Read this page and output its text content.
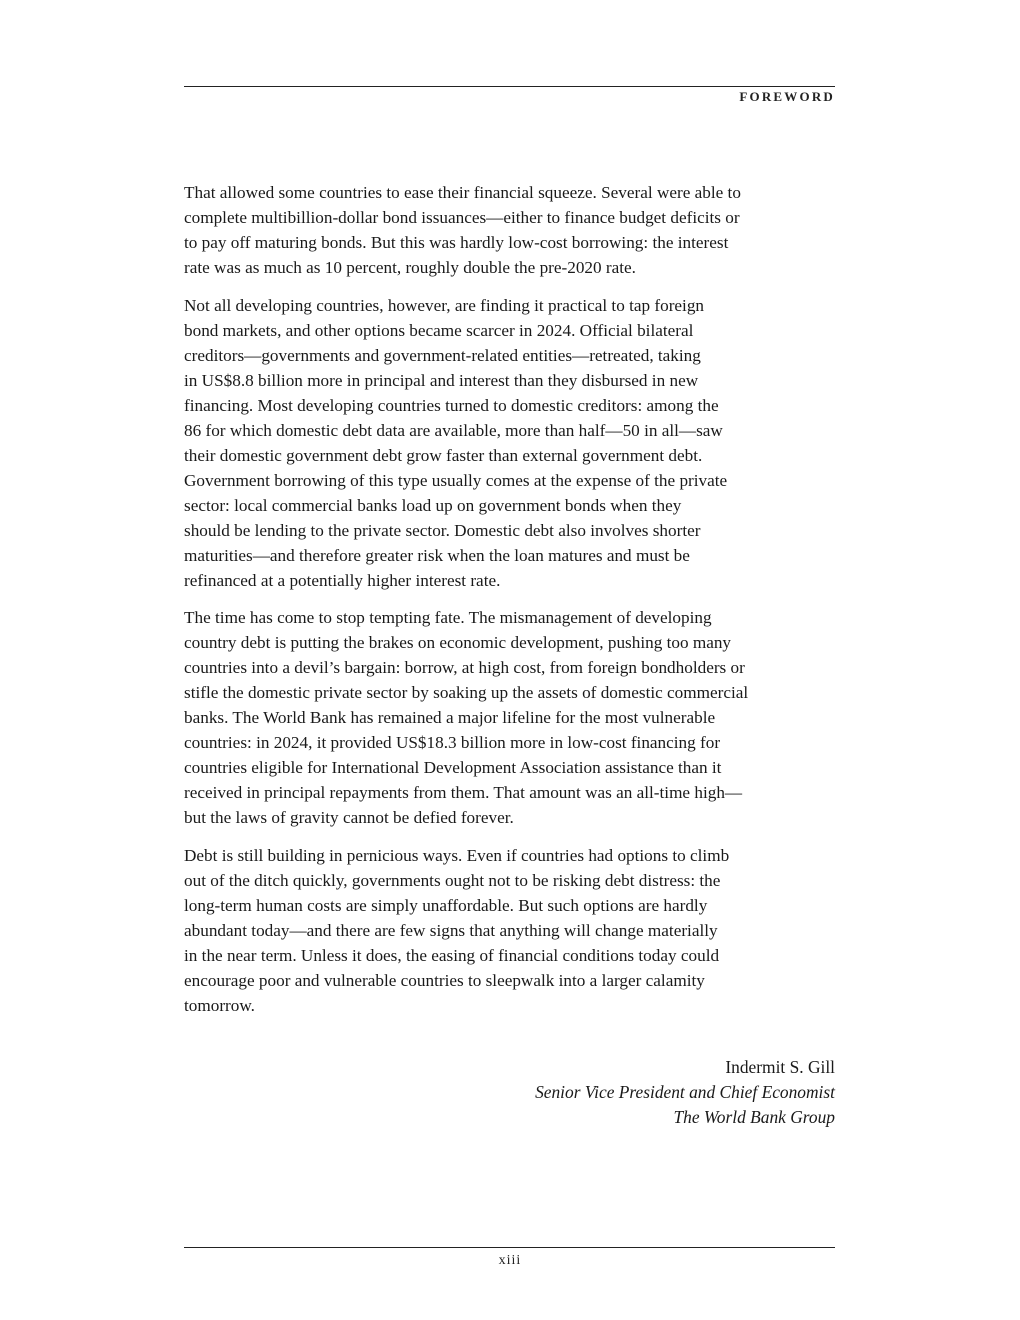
FOREWORD

That allowed some countries to ease their financial squeeze. Several were able to
complete multibillion-dollar bond issuances—either to finance budget deficits or
to pay off maturing bonds. But this was hardly low-cost borrowing: the interest
rate was as much as 10 percent, roughly double the pre-2020 rate.

Not all developing countries, however, are finding it practical to tap foreign
bond markets, and other options became scarcer in 2024. Official bilateral
creditors—governments and government-related entities—retreated, taking
in US$8.8 billion more in principal and interest than they disbursed in new
financing. Most developing countries turned to domestic creditors: among the
86 for which domestic debt data are available, more than half—50 in all—saw
their domestic government debt grow faster than external government debt.
Government borrowing of this type usually comes at the expense of the private
sector: local commercial banks load up on government bonds when they
should be lending to the private sector. Domestic debt also involves shorter
maturities—and therefore greater risk when the loan matures and must be
refinanced at a potentially higher interest rate.

The time has come to stop tempting fate. The mismanagement of developing
country debt is putting the brakes on economic development, pushing too many
countries into a devil’s bargain: borrow, at high cost, from foreign bondholders or
stifle the domestic private sector by soaking up the assets of domestic commercial
banks. The World Bank has remained a major lifeline for the most vulnerable
countries: in 2024, it provided US$18.3 billion more in low-cost financing for
countries eligible for International Development Association assistance than it
received in principal repayments from them. That amount was an all-time high—
but the laws of gravity cannot be defied forever.

Debt is still building in pernicious ways. Even if countries had options to climb
out of the ditch quickly, governments ought not to be risking debt distress: the
long-term human costs are simply unaffordable. But such options are hardly
abundant today—and there are few signs that anything will change materially
in the near term. Unless it does, the easing of financial conditions today could
encourage poor and vulnerable countries to sleepwalk into a larger calamity
tomorrow.

Indermit S. Gill
Senior Vice President and Chief Economist
The World Bank Group
xiii
